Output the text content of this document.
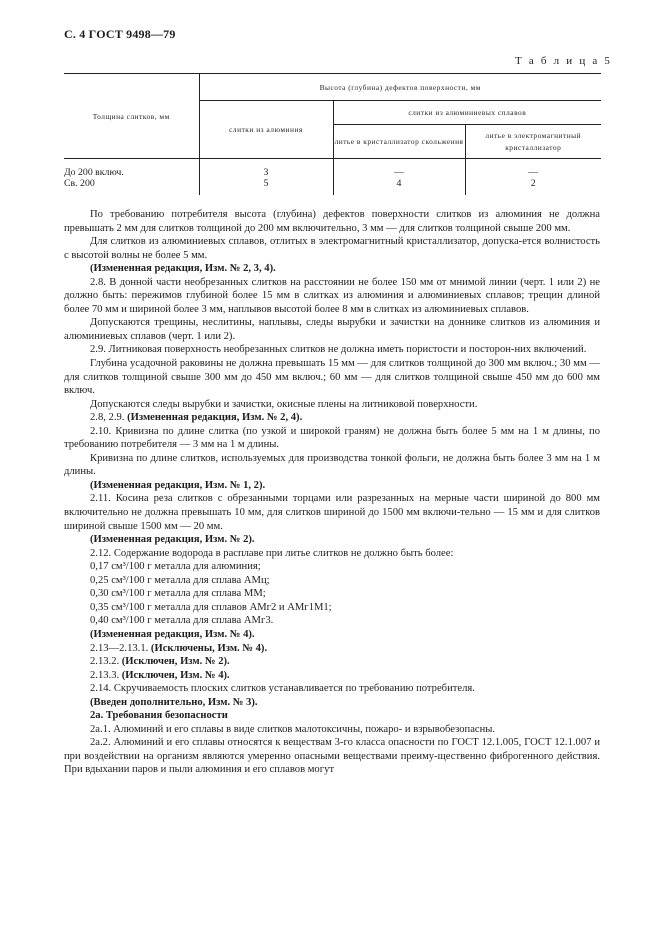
С. 4 ГОСТ 9498—79
Т а б л и ц а 5
Толщина слитков, мм	Высота (глубина) дефектов поверхности, мм		
	слитки из алюминия	слитки из алюминиевых сплавов	
		литье в кристаллизатор скольжения	литье в электромагнитный кристаллизатор
До 200 включ.	3	—	—
Св. 200	5	4	2

По требованию потребителя высота (глубина) дефектов поверхности слитков из алюминия не должна превышать 2 мм для слитков толщиной до 200 мм включительно, 3 мм — для слитков толщиной свыше 200 мм.

Для слитков из алюминиевых сплавов, отлитых в электромагнитный кристаллизатор, допуска-ется волнистость с высотой волны не более 5 мм.

(Измененная редакция, Изм. № 2, 3, 4).

2.8. В донной части необрезанных слитков на расстоянии не более 150 мм от мнимой линии (черт. 1 или 2) не должно быть: пережимов глубиной более 15 мм в слитках из алюминия и алюминиевых сплавов; трещин длиной более 70 мм и шириной более 3 мм, наплывов высотой более 8 мм в слитках из алюминиевых сплавов.

Допускаются трещины, неслитины, наплывы, следы вырубки и зачистки на доннике слитков из алюминия и алюминиевых сплавов (черт. 1 или 2).

2.9. Литниковая поверхность необрезанных слитков не должна иметь пористости и посторон-них включений.

Глубина усадочной раковины не должна превышать 15 мм — для слитков толщиной до 300 мм включ.; 30 мм — для слитков толщиной свыше 300 мм до 450 мм включ.; 60 мм — для слитков толщиной свыше 450 мм до 600 мм включ.

Допускаются следы вырубки и зачистки, окисные плены на литниковой поверхности.

2.8, 2.9. (Измененная редакция, Изм. № 2, 4).

2.10. Кривизна по длине слитка (по узкой и широкой граням) не должна быть более 5 мм на 1 м длины, по требованию потребителя — 3 мм на 1 м длины.

Кривизна по длине слитков, используемых для производства тонкой фольги, не должна быть более 3 мм на 1 м длины.

(Измененная редакция, Изм. № 1, 2).

2.11. Косина реза слитков с обрезанными торцами или разрезанных на мерные части шириной до 800 мм включительно не должна превышать 10 мм, для слитков шириной до 1500 мм включи-тельно — 15 мм и для слитков шириной свыше 1500 мм — 20 мм.

(Измененная редакция, Изм. № 2).

2.12. Содержание водорода в расплаве при литье слитков не должно быть более:

0,17 см³/100 г металла для алюминия;

0,25 см³/100 г металла для сплава АМц;

0,30 см³/100 г металла для сплава ММ;

0,35 см³/100 г металла для сплавов АМг2 и АМг1М1;

0,40 см³/100 г металла для сплава АМг3.

(Измененная редакция, Изм. № 4).

2.13—2.13.1. (Исключены, Изм. № 4).

2.13.2. (Исключен, Изм. № 2).

2.13.3. (Исключен, Изм. № 4).

2.14. Скручиваемость плоских слитков устанавливается по требованию потребителя.

(Введен дополнительно, Изм. № 3).

2а. Требования безопасности

2а.1. Алюминий и его сплавы в виде слитков малотоксичны, пожаро- и взрывобезопасны.

2а.2. Алюминий и его сплавы относятся к веществам 3-го класса опасности по ГОСТ 12.1.005, ГОСТ 12.1.007 и при воздействии на организм являются умеренно опасными веществами преиму-щественно фиброгенного действия. При вдыхании паров и пыли алюминия и его сплавов могут
